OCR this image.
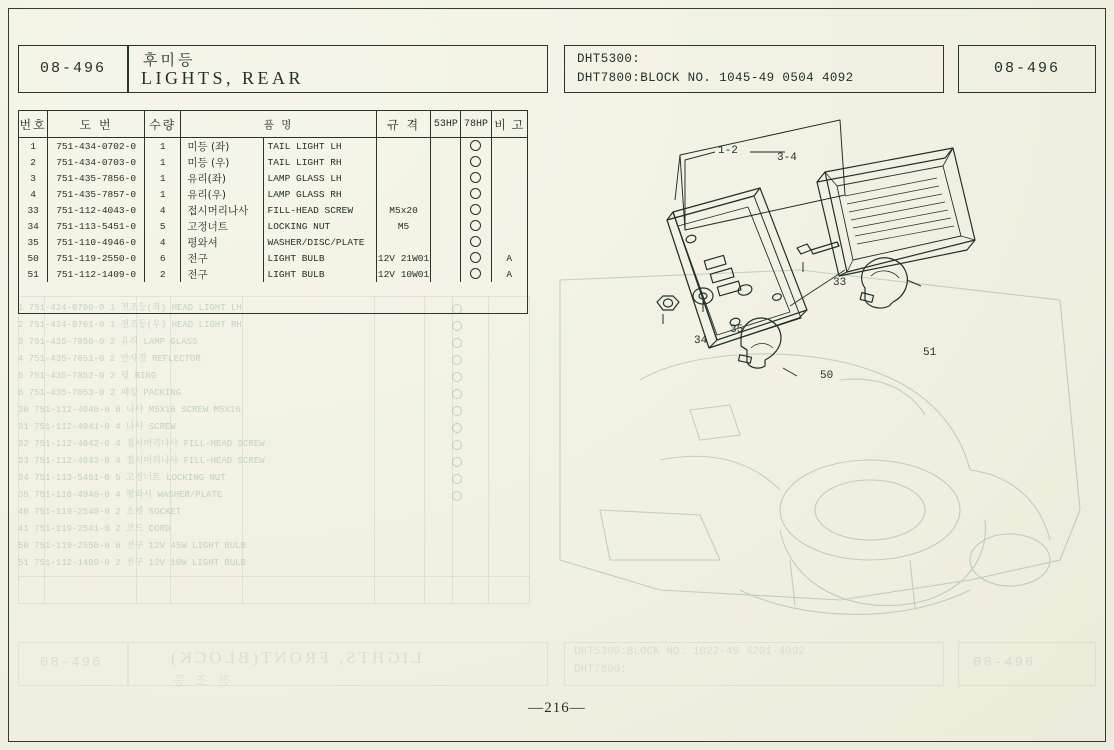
1 751-434-0700-0 1 전조등(좌) HEAD LIGHT LH
2 751-434-0701-0 1 전조등(우) HEAD LIGHT RH
3 751-435-7850-0 2 유리 LAMP GLASS
4 751-435-7851-0 2 반사경 REFLECTOR
5 751-435-7852-0 2 링 RING
6 751-435-7853-0 2 패킹 PACKING
30 751-112-4040-0 6 나사 M5X16 SCREW M5X16
31 751-112-4041-0 4 나사 SCREW
32 751-112-4042-0 4 접시머리나사 FILL-HEAD SCREW
33 751-112-4043-0 4 접시머리나사 FILL-HEAD SCREW
34 751-113-5451-0 5 고정너트 LOCKING NUT
35 751-110-4946-0 4 평와셔 WASHER/PLATE
40 751-119-2540-0 2 소켓 SOCKET
41 751-119-2541-0 2 코드 CORD
50 751-119-2550-0 6 전구 12V 45W LIGHT BULB
51 751-112-1409-0 2 전구 12V 10W LIGHT BULB
08-496	08-496
LIGHTS, FRONT(BLOCK)
전 조 등
DHT5300:BLOCK NO. 1022-49 4201-4092
DHT7800:
08-496	후미등
LIGHTS, REAR
DHT5300:
DHT7800:BLOCK NO. 1045-49 0504 4092
08-496
번호	도 번	수량	품 명		규 격	53HP	78HP	비 고
1	751-434-0702-0	1	미등 (좌)	TAIL LIGHT LH				
2	751-434-0703-0	1	미등 (우)	TAIL LIGHT RH				
3	751-435-7856-0	1	유리(좌)	LAMP GLASS LH				
4	751-435-7857-0	1	유리(우)	LAMP GLASS RH				
33	751-112-4043-0	4	접시머리나사	FILL-HEAD SCREW	M5x20			
34	751-113-5451-0	5	고정너트	LOCKING NUT	M5			
35	751-110-4946-0	4	평와셔	WASHER/DISC/PLATE				
50	751-119-2550-0	6	전구	LIGHT BULB	12V 21W01			A
51	751-112-1409-0	2	전구	LIGHT BULB	12V 10W01			A
1-2
3-4
33
34
35
50
51
—216—
